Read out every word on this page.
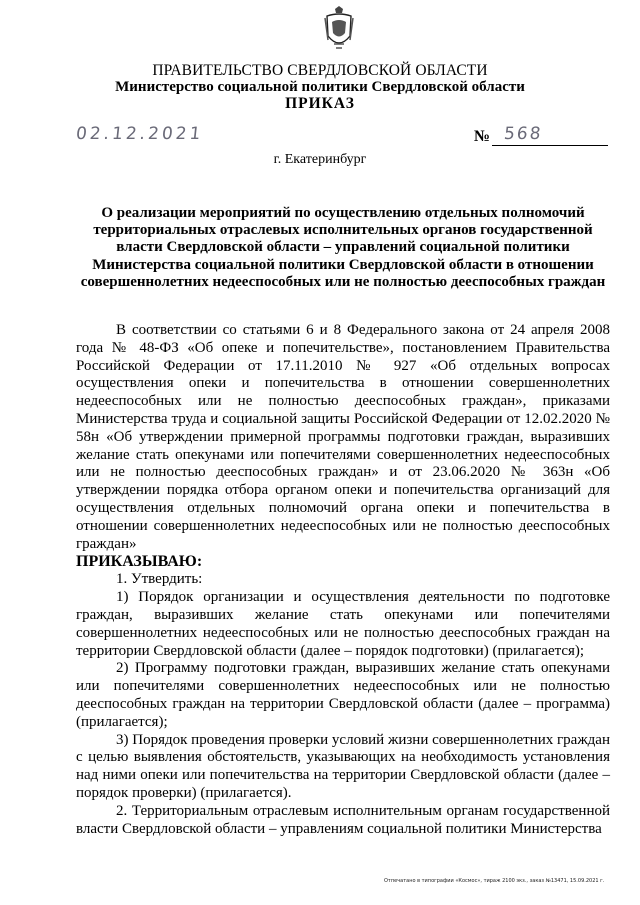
ПРАВИТЕЛЬСТВО СВЕРДЛОВСКОЙ ОБЛАСТИ
Министерство социальной политики Свердловской области
ПРИКАЗ
02.12.2021	№ 568
г. Екатеринбург
О реализации мероприятий по осуществлению отдельных полномочий территориальных отраслевых исполнительных органов государственной власти Свердловской области – управлений социальной политики Министерства социальной политики Свердловской области в отношении совершеннолетних недееспособных или не полностью дееспособных граждан

В соответствии со статьями 6 и 8 Федерального закона от 24 апреля 2008 года № 48-ФЗ «Об опеке и попечительстве», постановлением Правительства Российской Федерации от 17.11.2010 № 927 «Об отдельных вопросах осуществления опеки и попечительства в отношении совершеннолетних недееспособных или не полностью дееспособных граждан», приказами Министерства труда и социальной защиты Российской Федерации от 12.02.2020 № 58н «Об утверждении примерной программы подготовки граждан, выразивших желание стать опекунами или попечителями совершеннолетних недееспособных или не полностью дееспособных граждан» и от 23.06.2020 № 363н «Об утверждении порядка отбора органом опеки и попечительства организаций для осуществления отдельных полномочий органа опеки и попечительства в отношении совершеннолетних недееспособных или не полностью дееспособных граждан»

ПРИКАЗЫВАЮ:

1. Утвердить:

1) Порядок организации и осуществления деятельности по подготовке граждан, выразивших желание стать опекунами или попечителями совершеннолетних недееспособных или не полностью дееспособных граждан на территории Свердловской области (далее – порядок подготовки) (прилагается);

2) Программу подготовки граждан, выразивших желание стать опекунами или попечителями совершеннолетних недееспособных или не полностью дееспособных граждан на территории Свердловской области (далее – программа) (прилагается);

3) Порядок проведения проверки условий жизни совершеннолетних граждан с целью выявления обстоятельств, указывающих на необходимость установления над ними опеки или попечительства на территории Свердловской области (далее – порядок проверки) (прилагается).

2. Территориальным отраслевым исполнительным органам государственной власти Свердловской области – управлениям социальной политики Министерства

Отпечатано в типографии «Космос», тираж 2100 экз., заказ №13471, 15.09.2021 г.
